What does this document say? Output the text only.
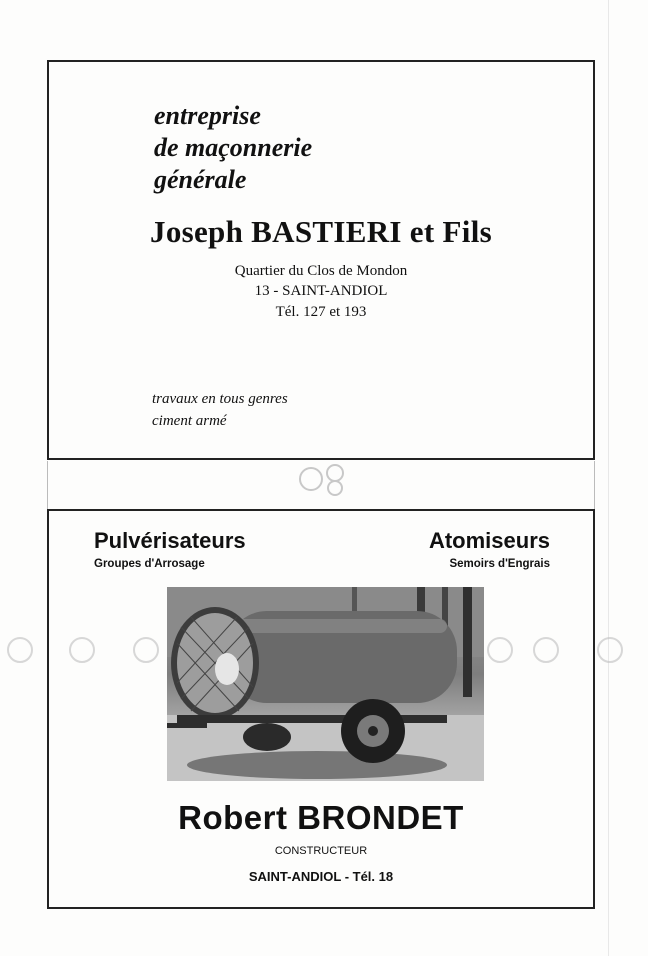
entreprise
de maçonnerie
générale
Joseph BASTIERI et Fils
Quartier du Clos de Mondon
13 - SAINT-ANDIOL
Tél. 127 et 193
travaux en tous genres
ciment armé
Pulvérisateurs	Atomiseurs
Groupes d'Arrosage	Semoirs d'Engrais
Robert BRONDET
CONSTRUCTEUR
SAINT-ANDIOL - Tél. 18
